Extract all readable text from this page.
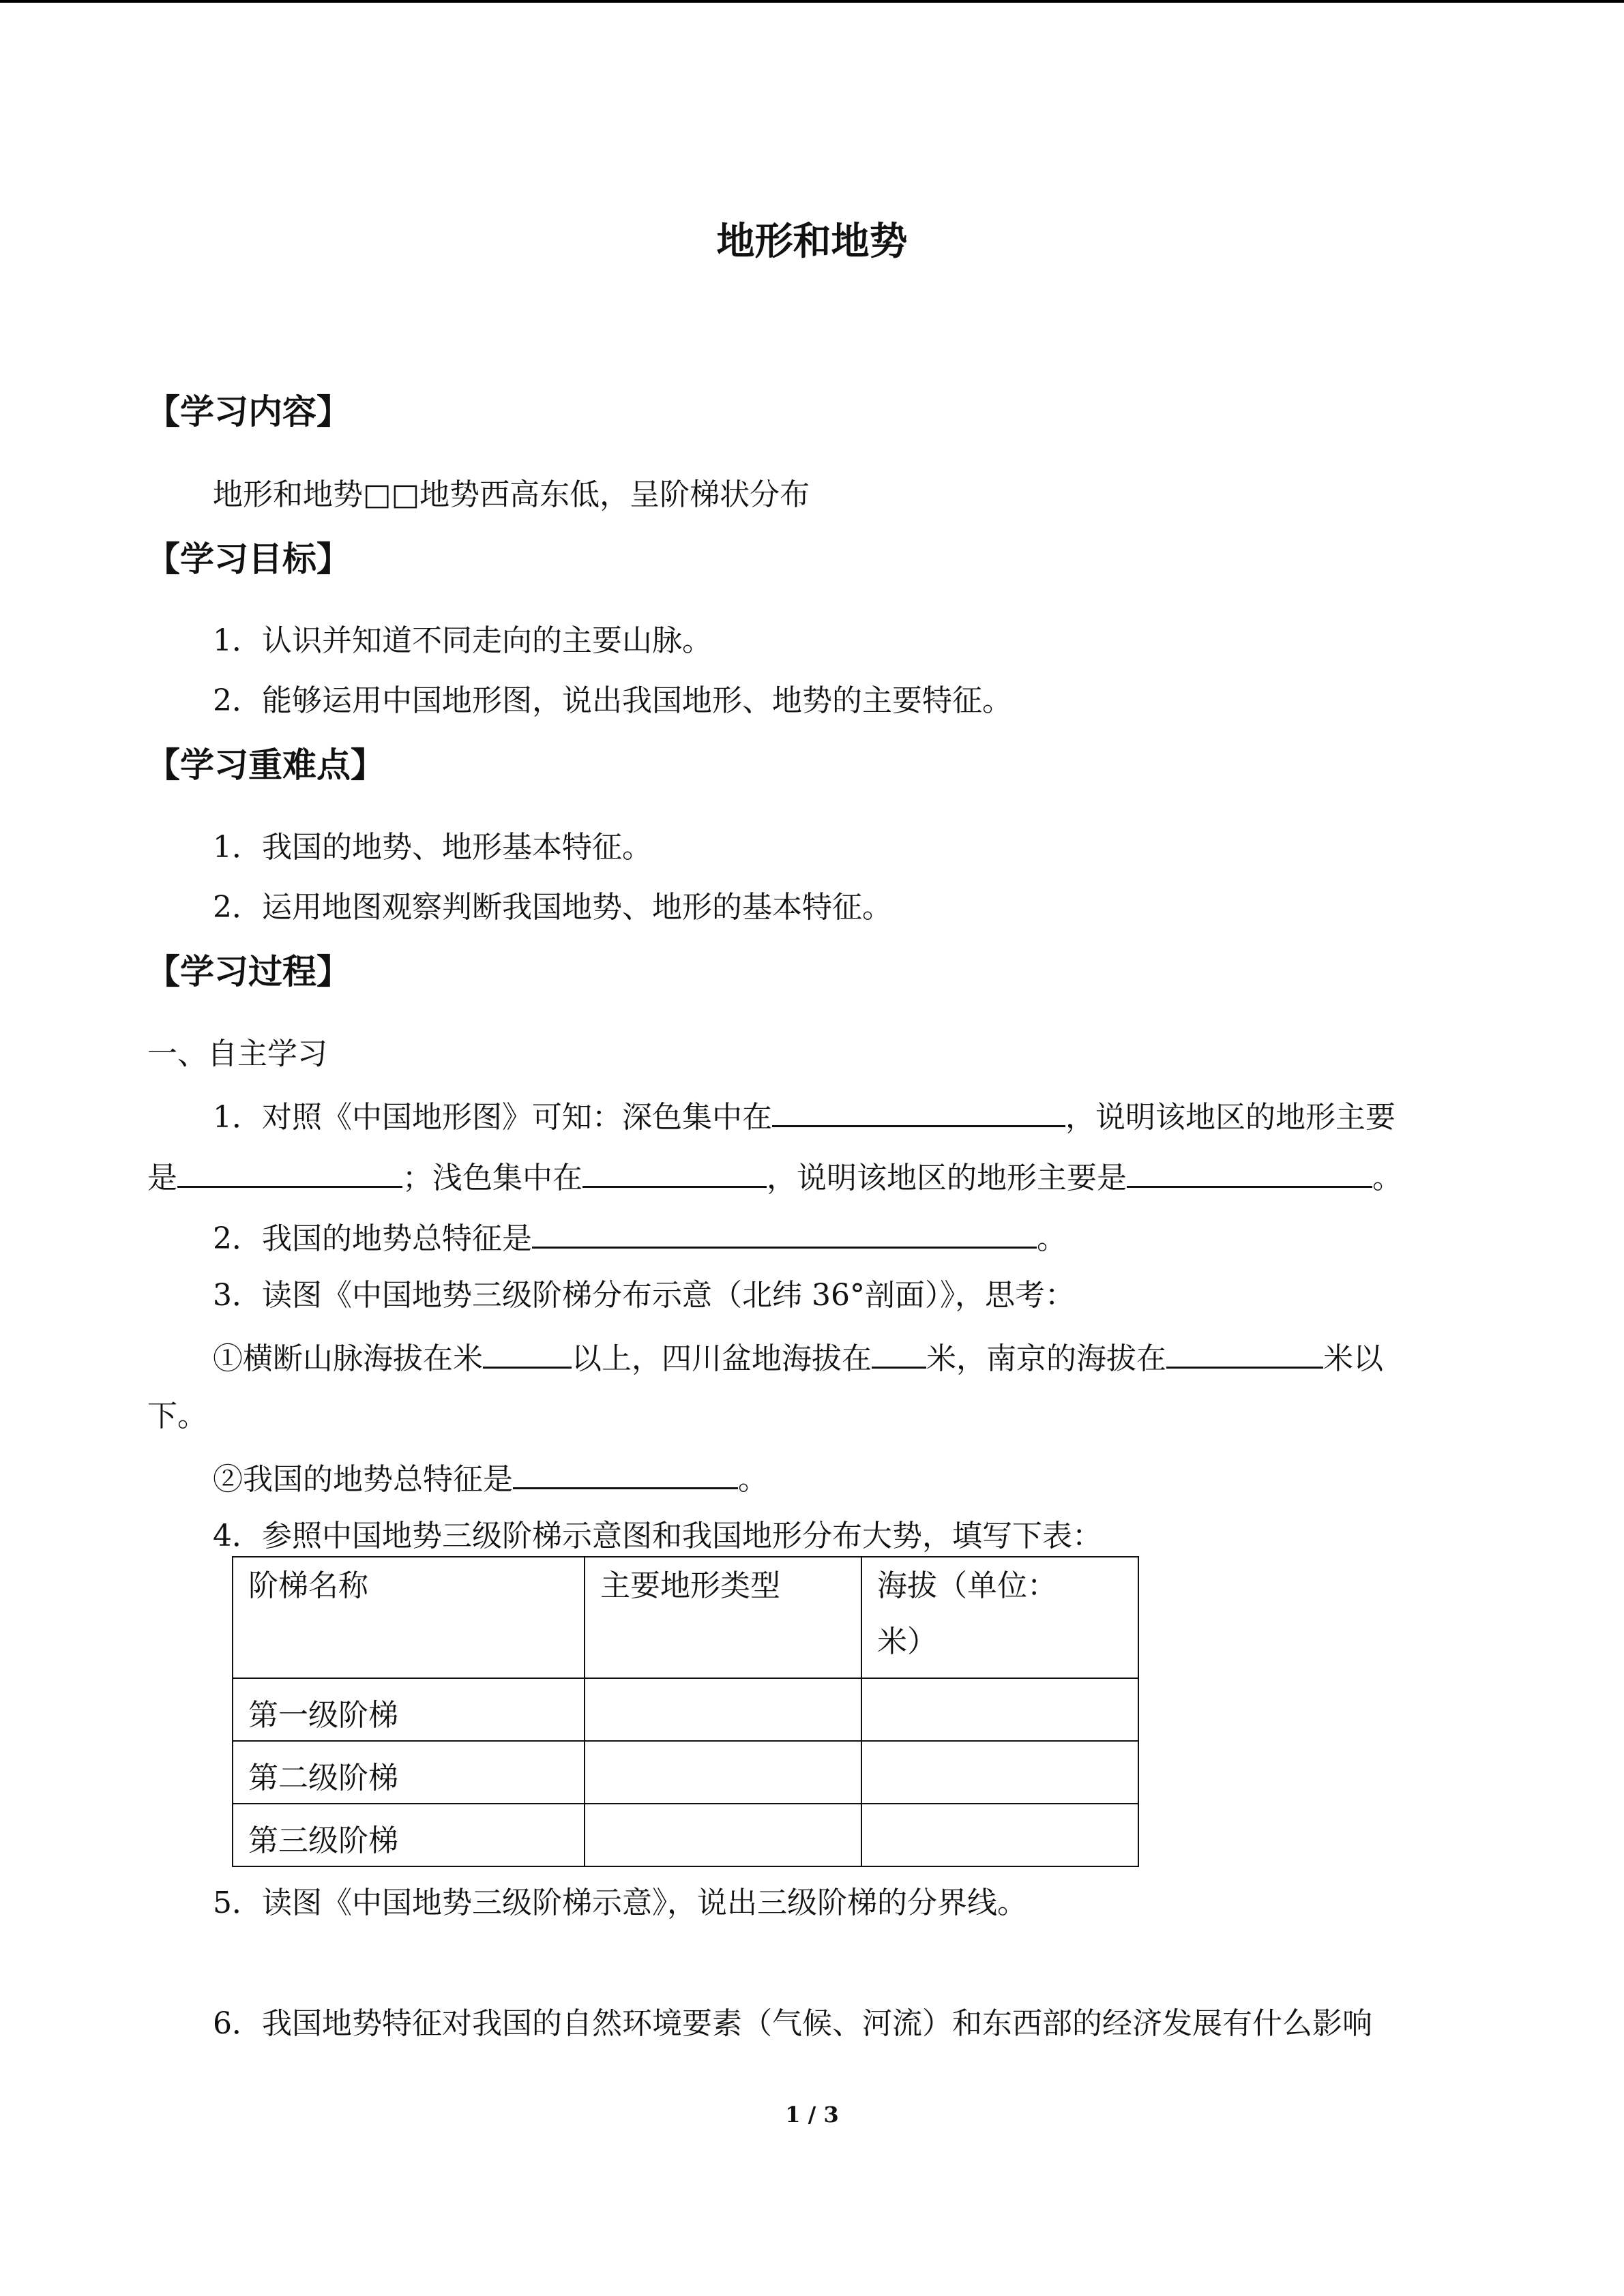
地形和地势
【学习内容】
地形和地势□□地势西高东低，呈阶梯状分布
【学习目标】
1．认识并知道不同走向的主要山脉。
2．能够运用中国地形图，说出我国地形、地势的主要特征。
【学习重难点】
1．我国的地势、地形基本特征。
2．运用地图观察判断我国地势、地形的基本特征。
【学习过程】
一、自主学习
1．对照《中国地形图》可知：深色集中在	，说明该地区的地形主要
是	；浅色集中在	，说明该地区的地形主要是	。
2．我国的地势总特征是	。
3．读图《中国地势三级阶梯分布示意（北纬 36°剖面）》，思考：
①横断山脉海拔在米	以上，四川盆地海拔在 米，南京的海拔在	米以
下。
②我国的地势总特征是	。
4．参照中国地势三级阶梯示意图和我国地形分布大势，填写下表：
阶梯名称	主要地形类型	海拔（单位：
米）

第一级阶梯		
第二级阶梯		
第三级阶梯		
5．读图《中国地势三级阶梯示意》，说出三级阶梯的分界线。
6．我国地势特征对我国的自然环境要素（气候、河流）和东西部的经济发展有什么影响
1 / 3
